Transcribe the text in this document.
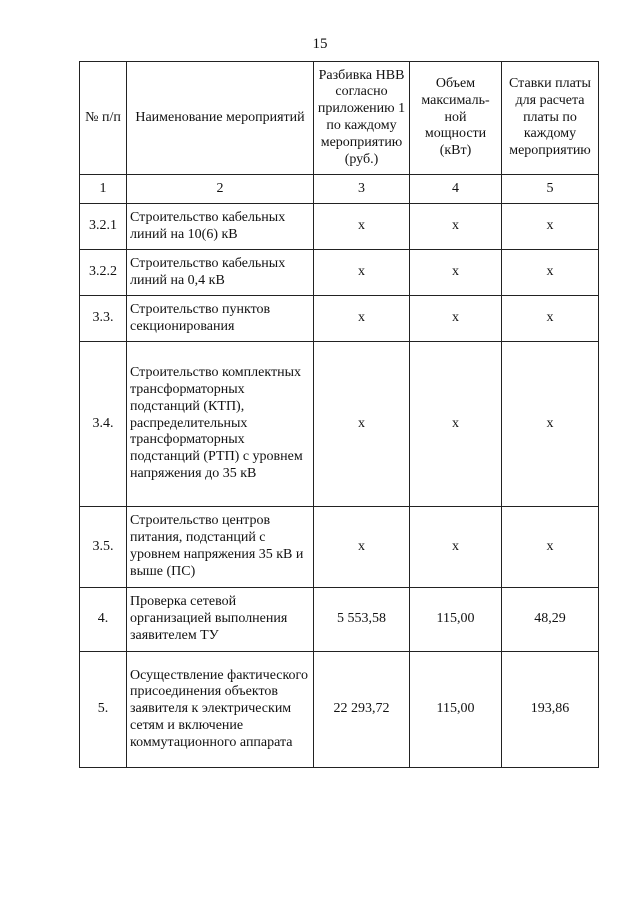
15
№ п/п	Наименование мероприятий	Разбивка НВВ согласно приложению 1 по каждому мероприятию (руб.)	Объем максималь- ной мощности (кВт)	Ставки платы для расчета платы по каждому мероприятию
1	2	3	4	5
3.2.1	Строительство кабельных линий на 10(6) кВ	х	х	х
3.2.2	Строительство кабельных линий на 0,4 кВ	х	х	х
3.3.	Строительство пунктов секционирования	х	х	х
3.4.	Строительство комплектных трансформаторных подстанций (КТП), распределительных трансформаторных подстанций (РТП) с уровнем напряжения до 35 кВ	х	х	х
3.5.	Строительство центров питания, подстанций с уровнем напряжения 35 кВ и выше (ПС)	х	х	х
4.	Проверка сетевой организацией выполнения заявителем ТУ	5 553,58	115,00	48,29
5.	Осуществление фактического присоединения объектов заявителя к электрическим сетям и включение коммутационного аппарата	22 293,72	115,00	193,86
